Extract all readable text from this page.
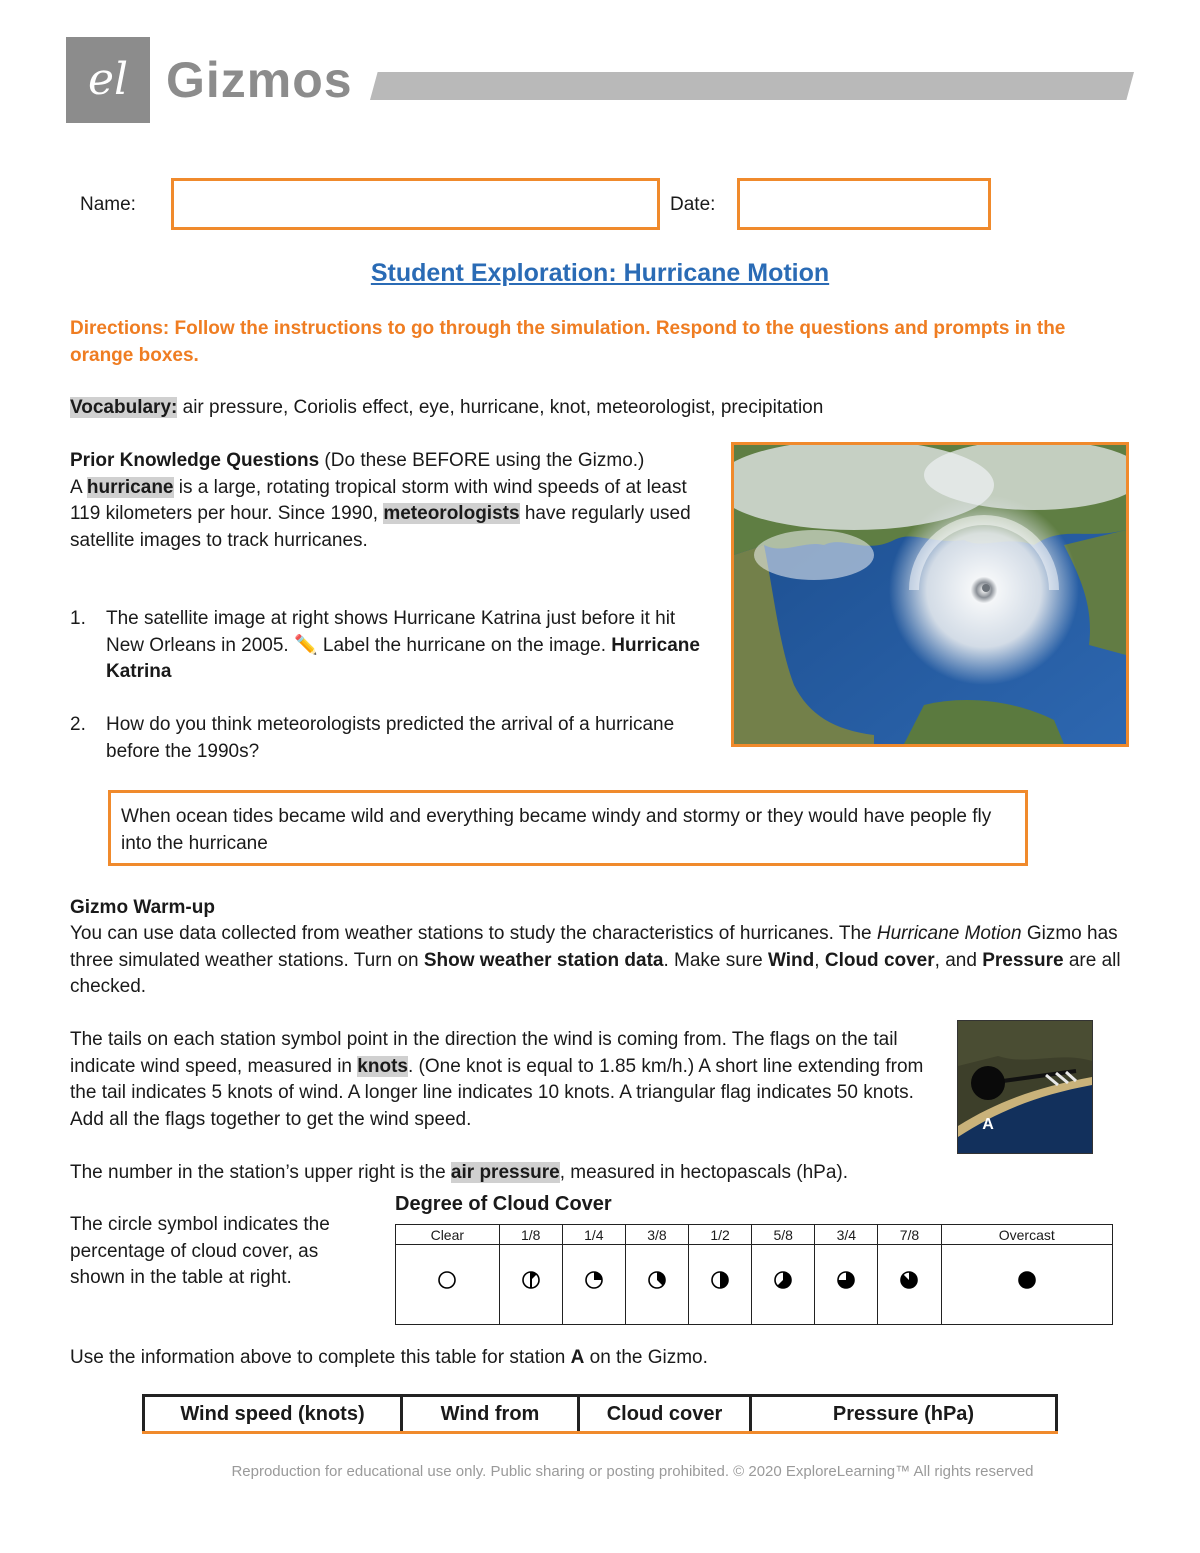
el Gizmos
Name:	Date:
Student Exploration: Hurricane Motion
Directions: Follow the instructions to go through the simulation. Respond to the questions and prompts in the orange boxes.
Vocabulary: air pressure, Coriolis effect, eye, hurricane, knot, meteorologist, precipitation
Prior Knowledge Questions (Do these BEFORE using the Gizmo.)
A hurricane is a large, rotating tropical storm with wind speeds of at least 119 kilometers per hour. Since 1990, meteorologists have regularly used satellite images to track hurricanes.
1. The satellite image at right shows Hurricane Katrina just before it hit New Orleans in 2005. ✏️ Label the hurricane on the image. Hurricane Katrina
2. How do you think meteorologists predicted the arrival of a hurricane before the 1990s?
When ocean tides became wild and everything became windy and stormy or they would have people fly into the hurricane
Gizmo Warm-up
You can use data collected from weather stations to study the characteristics of hurricanes. The Hurricane Motion Gizmo has three simulated weather stations. Turn on Show weather station data. Make sure Wind, Cloud cover, and Pressure are all checked.
The tails on each station symbol point in the direction the wind is coming from. The flags on the tail indicate wind speed, measured in knots. (One knot is equal to 1.85 km/h.) A short line extending from the tail indicates 5 knots of wind. A longer line indicates 10 knots. A triangular flag indicates 50 knots. Add all the flags together to get the wind speed.	A
The number in the station’s upper right is the air pressure, measured in hectopascals (hPa).
The circle symbol indicates the percentage of cloud cover, as shown in the table at right.
Degree of Cloud Cover
Clear	1/8	1/4	3/8	1/2	5/8	3/4	7/8	Overcast

Use the information above to complete this table for station A on the Gizmo.
Wind speed (knots)	Wind from	Cloud cover	Pressure (hPa)
Reproduction for educational use only. Public sharing or posting prohibited. © 2020 ExploreLearning™ All rights reserved
